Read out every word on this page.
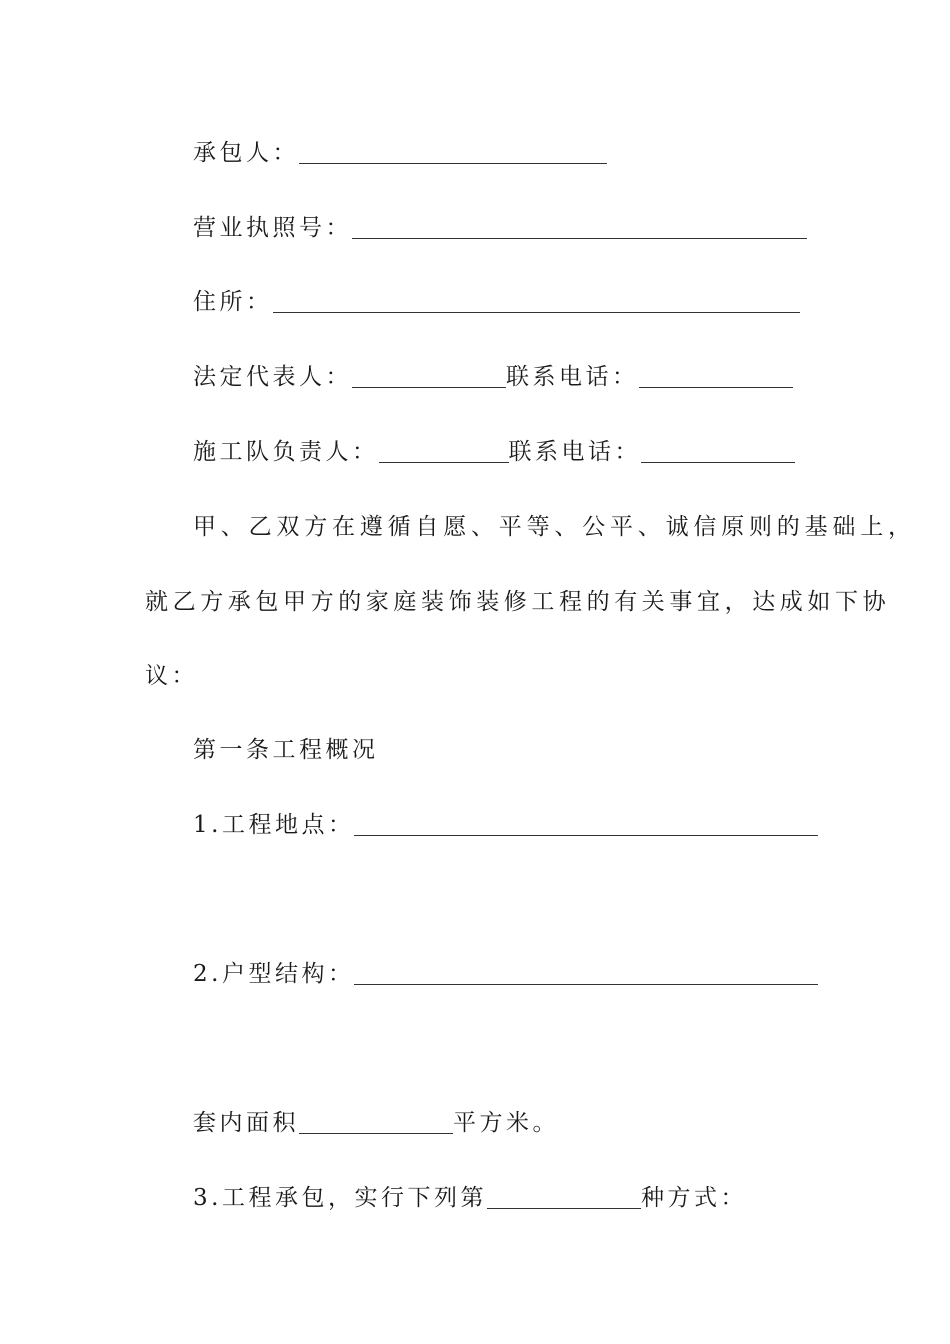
承包人：
营业执照号：
住所：
法定代表人：	联系电话：
施工队负责人：	联系电话：
甲、乙双方在遵循自愿、平等、公平、诚信原则的基础上，
就乙方承包甲方的家庭装饰装修工程的有关事宜，达成如下协
议：
第一条工程概况
1.工程地点：
2.户型结构：
套内面积	平方米。
3.工程承包，实行下列第	种方式：
